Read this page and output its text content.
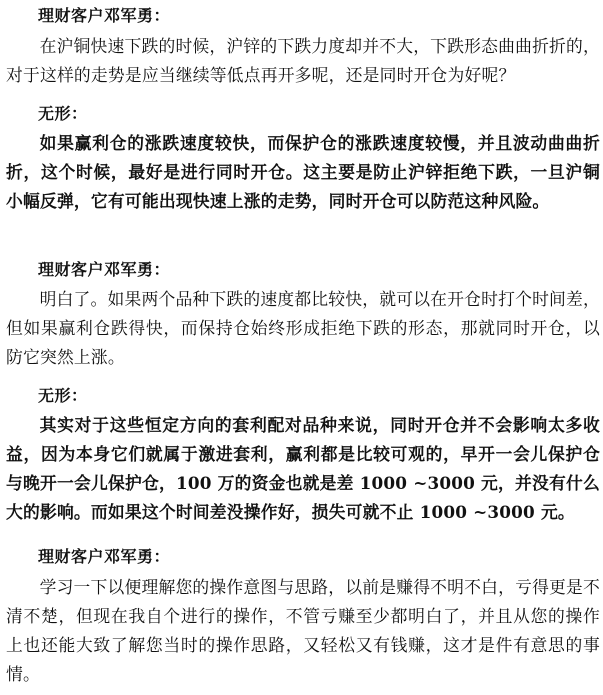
理财客户邓军勇：
在沪铜快速下跌的时候，沪锌的下跌力度却并不大，下跌形态曲曲折折的，对于这样的走势是应当继续等低点再开多呢，还是同时开仓为好呢？
无形：
如果赢利仓的涨跌速度较快，而保护仓的涨跌速度较慢，并且波动曲曲折折，这个时候，最好是进行同时开仓。这主要是防止沪锌拒绝下跌，一旦沪铜小幅反弹，它有可能出现快速上涨的走势，同时开仓可以防范这种风险。
理财客户邓军勇：
明白了。如果两个品种下跌的速度都比较快，就可以在开仓时打个时间差，但如果赢利仓跌得快，而保持仓始终形成拒绝下跌的形态，那就同时开仓，以防它突然上涨。
无形：
其实对于这些恒定方向的套利配对品种来说，同时开仓并不会影响太多收益，因为本身它们就属于激进套利，赢利都是比较可观的，早开一会儿保护仓与晚开一会儿保护仓，100 万的资金也就是差 1000 ~3000 元，并没有什么大的影响。而如果这个时间差没操作好，损失可就不止 1000 ~3000 元。
理财客户邓军勇：
学习一下以便理解您的操作意图与思路，以前是赚得不明不白，亏得更是不清不楚，但现在我自个进行的操作，不管亏赚至少都明白了，并且从您的操作上也还能大致了解您当时的操作思路，又轻松又有钱赚，这才是件有意思的事情。
